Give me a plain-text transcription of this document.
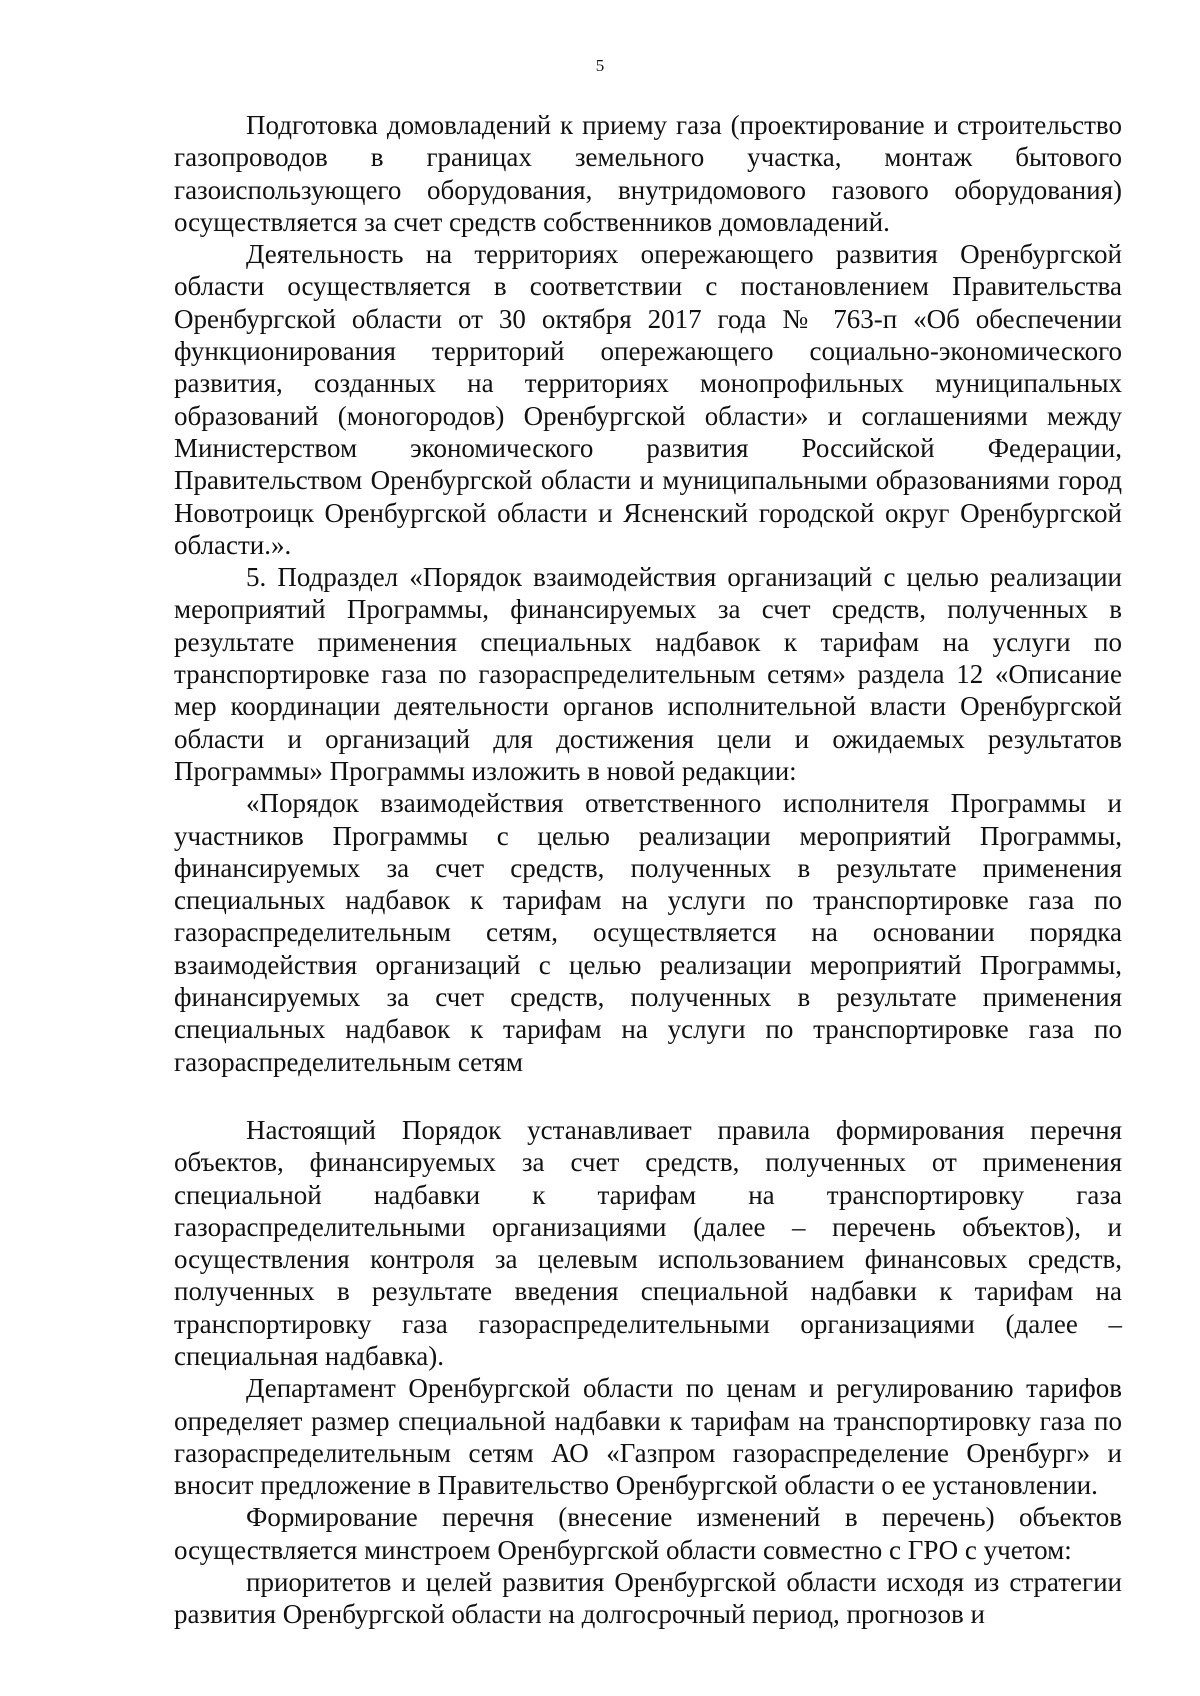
5

Подготовка домовладений к приему газа (проектирование и строительство газопроводов в границах земельного участка, монтаж бытового газоиспользующего оборудования, внутридомового газового оборудования) осуществляется за счет средств собственников домовладений.

Деятельность на территориях опережающего развития Оренбургской области осуществляется в соответствии с постановлением Правительства Оренбургской области от 30 октября 2017 года № 763-п «Об обеспечении функционирования территорий опережающего социально-экономического развития, созданных на территориях монопрофильных муниципальных образований (моногородов) Оренбургской области» и соглашениями между Министерством экономического развития Российской Федерации, Правительством Оренбургской области и муниципальными образованиями город Новотроицк Оренбургской области и Ясненский городской округ Оренбургской области.».

5. Подраздел «Порядок взаимодействия организаций с целью реализации мероприятий Программы, финансируемых за счет средств, полученных в результате применения специальных надбавок к тарифам на услуги по транспортировке газа по газораспределительным сетям» раздела 12 «Описание мер координации деятельности органов исполнительной власти Оренбургской области и организаций для достижения цели и ожидаемых результатов Программы» Программы изложить в новой редакции:

«Порядок взаимодействия ответственного исполнителя Программы и участников Программы с целью реализации мероприятий Программы, финансируемых за счет средств, полученных в результате применения специальных надбавок к тарифам на услуги по транспортировке газа по газораспределительным сетям, осуществляется на основании порядка взаимодействия организаций с целью реализации мероприятий Программы, финансируемых за счет средств, полученных в результате применения специальных надбавок к тарифам на услуги по транспортировке газа по газораспределительным сетям

Настоящий Порядок устанавливает правила формирования перечня объектов, финансируемых за счет средств, полученных от применения специальной надбавки к тарифам на транспортировку газа газораспределительными организациями (далее – перечень объектов), и осуществления контроля за целевым использованием финансовых средств, полученных в результате введения специальной надбавки к тарифам на транспортировку газа газораспределительными организациями (далее – специальная надбавка).

Департамент Оренбургской области по ценам и регулированию тарифов определяет размер специальной надбавки к тарифам на транспортировку газа по газораспределительным сетям АО «Газпром газораспределение Оренбург» и вносит предложение в Правительство Оренбургской области о ее установлении.

Формирование перечня (внесение изменений в перечень) объектов осуществляется минстроем Оренбургской области совместно с ГРО с учетом:

приоритетов и целей развития Оренбургской области исходя из стратегии развития Оренбургской области на долгосрочный период, прогнозов и
